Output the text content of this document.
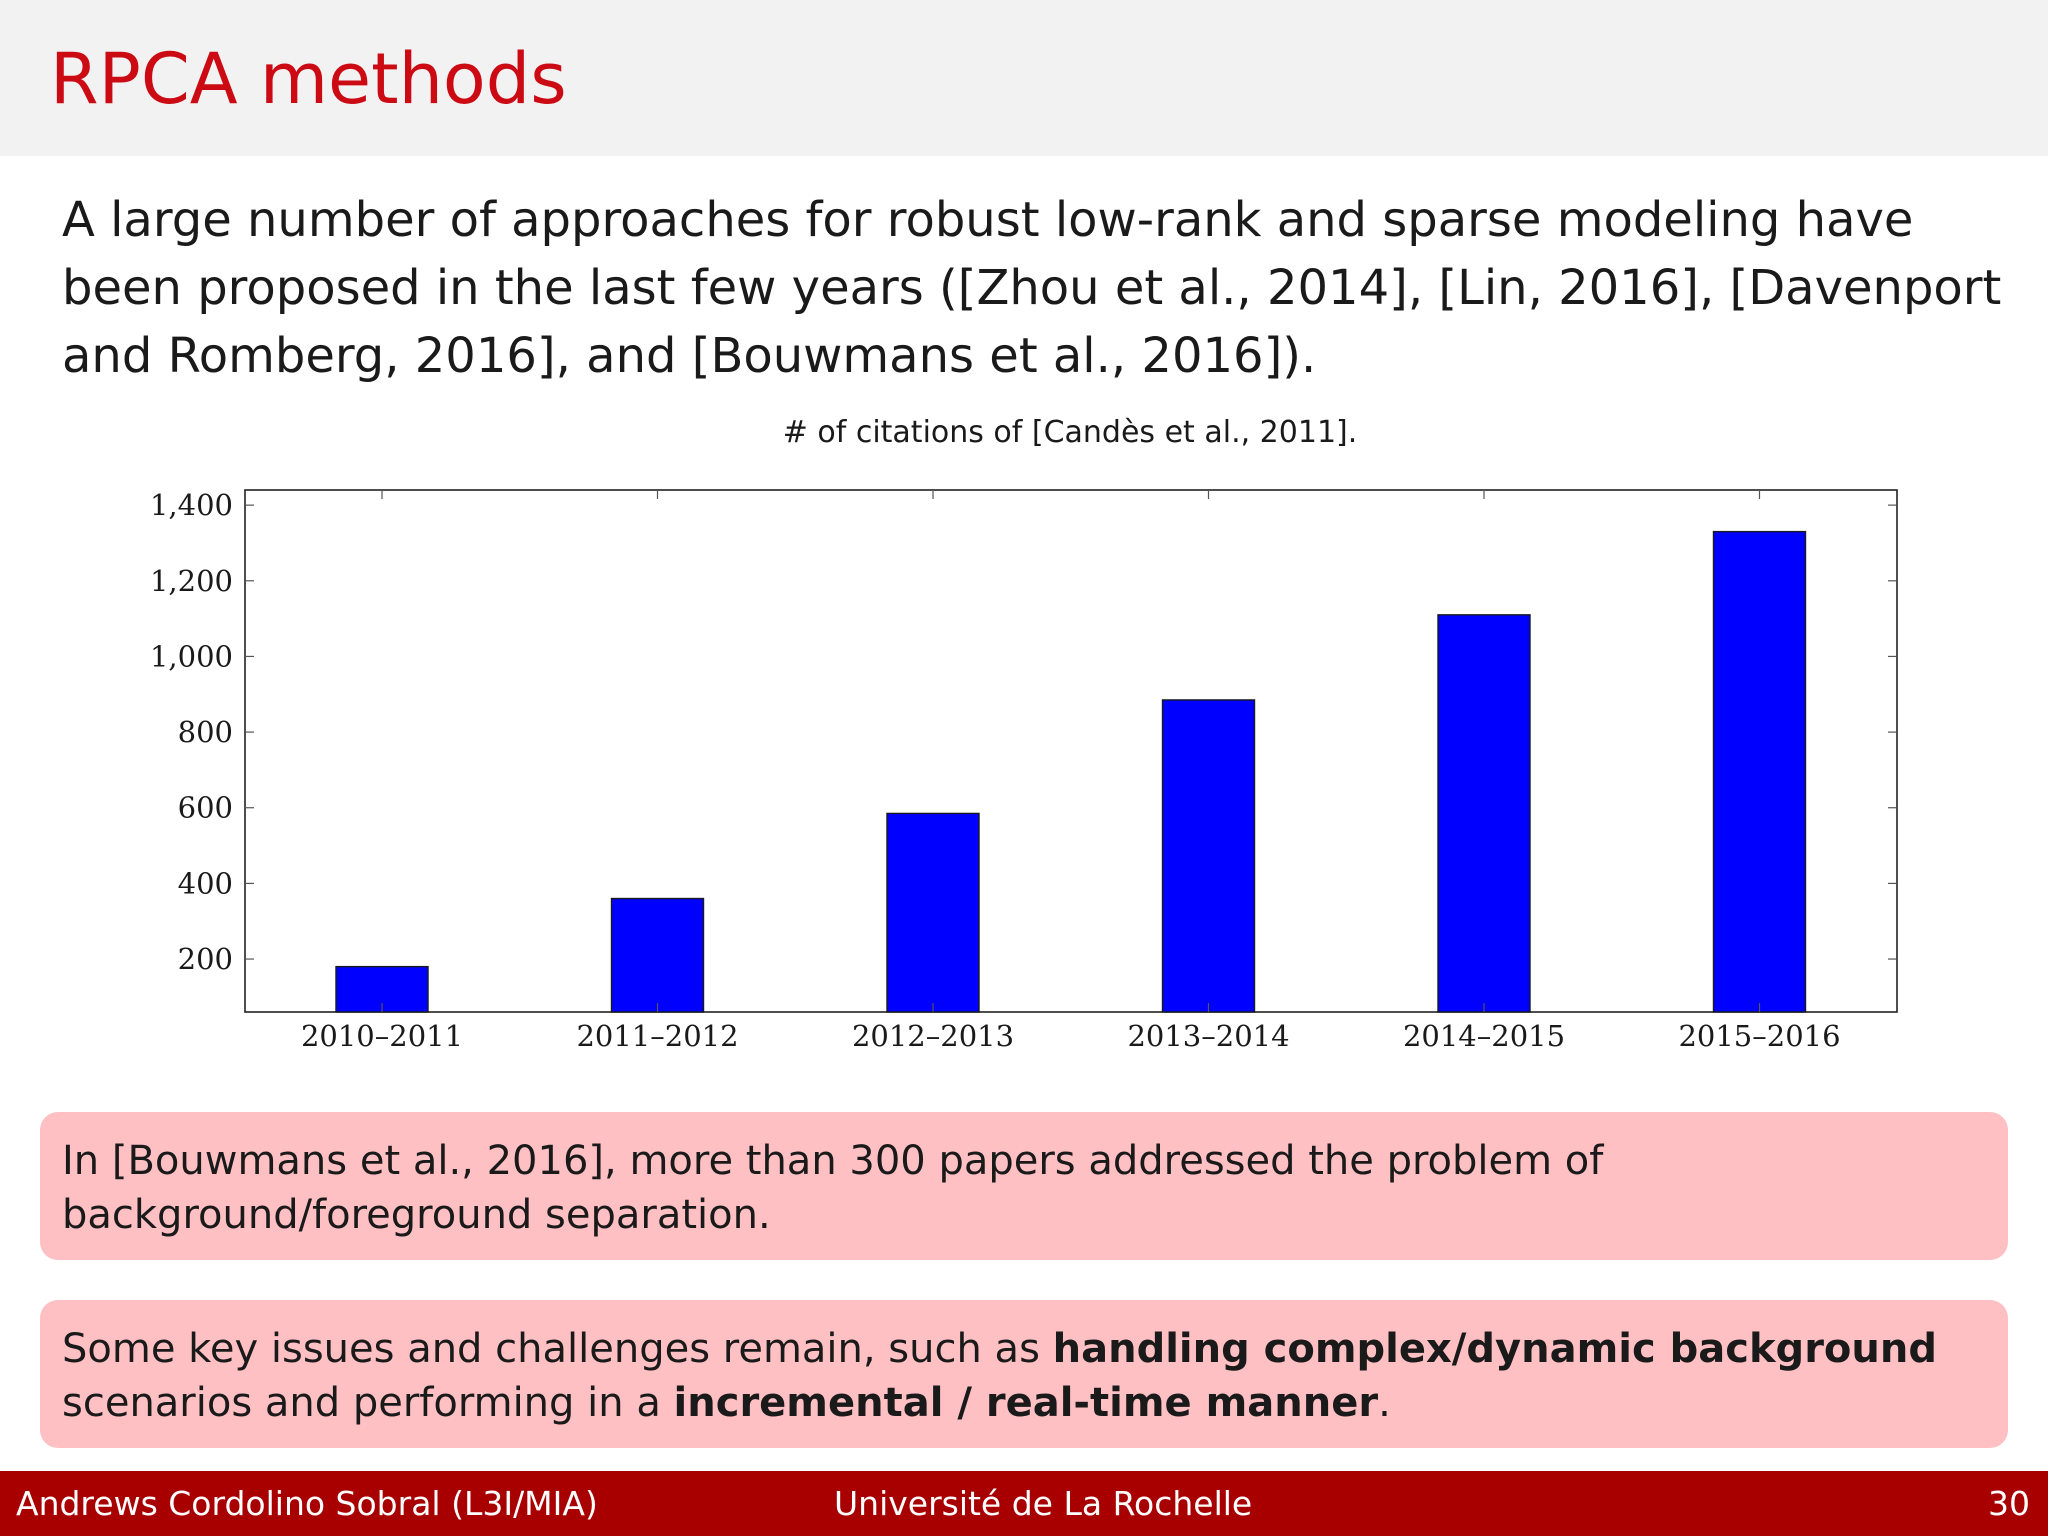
RPCA methods

A large number of approaches for robust low-rank and sparse modeling have been proposed in the last few years ([Zhou et al., 2014], [Lin, 2016], [Davenport and Romberg, 2016], and [Bouwmans et al., 2016]).

# of citations of [Candès et al., 2011].
200
400
600
800
1,000
1,200
1,400
2010–2011	2011–2012	2012–2013	2013–2014	2014–2015	2015–2016
In [Bouwmans et al., 2016], more than 300 papers addressed the problem of background/foreground separation.
Some key issues and challenges remain, such as handling complex/dynamic background scenarios and performing in a incremental / real-time manner.
Andrews Cordolino Sobral (L3I/MIA)	Université de La Rochelle	30
